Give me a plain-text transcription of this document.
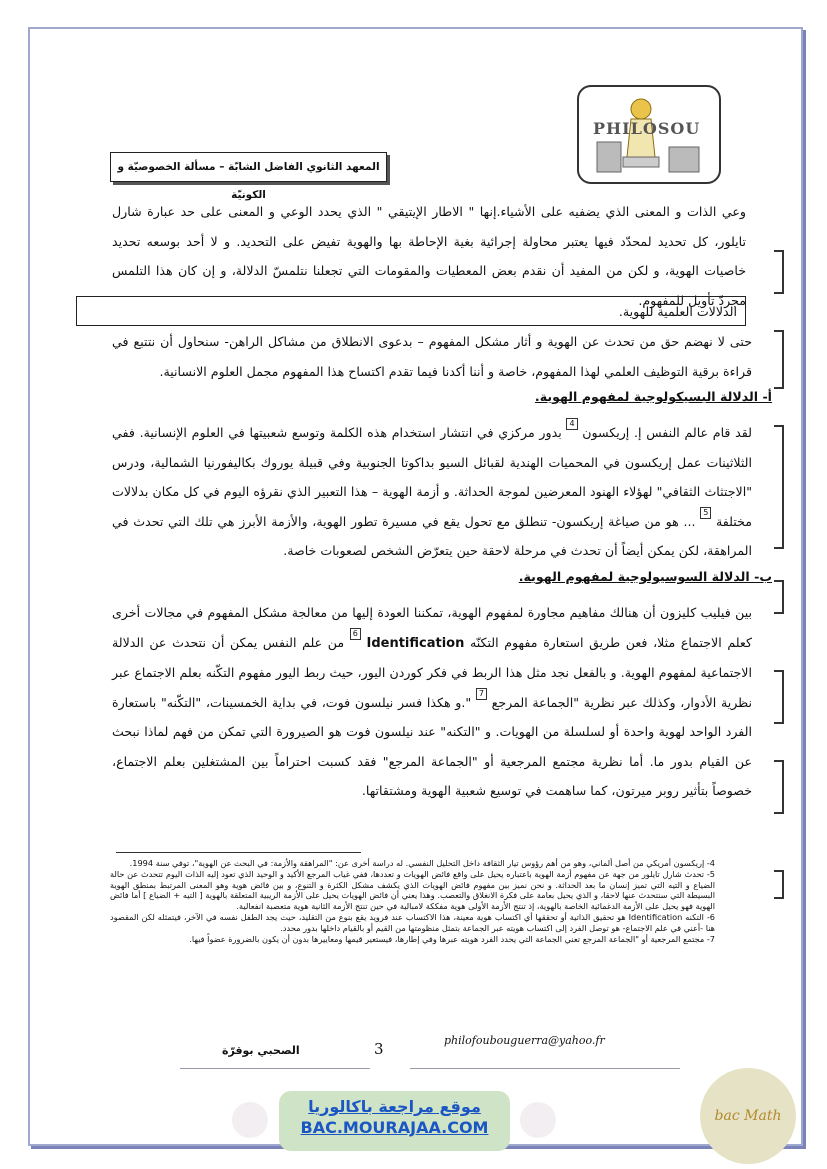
PHILOSOU
المعهد الثانوي الفاضل الشابّة – مسألة الخصوصيّة و الكونيّة

وعي الذات و المعنى الذي يضفيه على الأشياء.إنها " الاطار الإيتيقي " الذي يحدد الوعي و المعنى على حد عبارة شارل تايلور، كل تحديد لمحدّد فيها يعتبر محاولة إجرائية بغية الإحاطة بها والهوية تفيض على التحديد. و لا أحد بوسعه تحديد خاصيات الهوية، و لكن من المفيد أن نقدم بعض المعطيات والمقومات التي تجعلنا نتلمسّ الدلالة، و إن كان هذا التلمس مجردّ تأويل للمفهوم.

الدلالات العلمية للهوية.

حتى لا نهضم حق من تحدث عن الهوية و أثار مشكل المفهوم – بدعوى الانطلاق من مشاكل الراهن- سنحاول أن نتتبع في قراءة برقية التوظيف العلمي لهذا المفهوم، خاصة و أننا أكدنا فيما تقدم اكتساح هذا المفهوم مجمل العلوم الانسانية.

أ- الدلالة البسيكولوجية لمفهوم الهوية.

لقد قام عالم النفس إ. إريكسون 4 بدور مركزي في انتشار استخدام هذه الكلمة وتوسع شعبيتها في العلوم الإنسانية. ففي الثلاثينات عمل إريكسون في المحميات الهندية لقبائل السيو بداكوتا الجنوبية وفي قبيلة يوروك بكاليفورنيا الشمالية، ودرس "الاجتثاث الثقافي" لهؤلاء الهنود المعرضين لموجة الحداثة. و أزمة الهوية – هذا التعبير الذي نقرؤه اليوم في كل مكان بدلالات مختلفة 5 ... هو من صياغة إريكسون- تنطلق مع تحول يقع في مسيرة تطور الهوية، والأزمة الأبرز هي تلك التي تحدث في المراهقة، لكن يمكن أيضاً أن تحدث في مرحلة لاحقة حين يتعرّض الشخص لصعوبات خاصة.

ب- الدلالة السوسيولوجية لمفهوم الهوية.

بين فيليب كليزون أن هنالك مفاهيم مجاورة لمفهوم الهوية، تمكننا العودة إليها من معالجة مشكل المفهوم في مجالات أخرى كعلم الاجتماع مثلا، فعن طريق استعارة مفهوم التكنّه Identification 6 من علم النفس يمكن أن نتحدث عن الدلالة الاجتماعية لمفهوم الهوية. و بالفعل نجد مثل هذا الربط في فكر كوردن اليور، حيث ربط اليور مفهوم التكّنه بعلم الاجتماع عبر نظرية الأدوار، وكذلك عبر نظرية "الجماعة المرجع 7 ".و هكذا فسر نيلسون فوت، في بداية الخمسينات، "التكّنه" باستعارة الفرد الواحد لهوية واحدة أو لسلسلة من الهويات. و "التكنه" عند نيلسون فوت هو الصيرورة التي تمكن من فهم لماذا نبحث عن القيام بدور ما. أما نظرية مجتمع المرجعية أو "الجماعة المرجع" فقد كسبت احتراماً بين المشتغلين بعلم الاجتماع، خصوصاً بتأثير روبر ميرتون، كما ساهمت في توسيع شعبية الهوية ومشتقاتها.

4- إريكسون أمريكي من أصل ألماني، وهو من أهم رؤوس تيار الثقافة داخل التحليل النفسي. له دراسة أخرى عن: "المراهقة والأزمة: في البحث عن الهوية"، توفي سنة 1994.

5- تحدث شارل تايلور من جهة عن مفهوم أزمة الهوية باعتباره يحيل على واقع فائض الهويات و تعددها، ففي غياب المرجع الأكيد و الوحيد الذي تعود إليه الذات اليوم تتحدث عن حالة الضياع و التيه التي تميز إنسان ما بعد الحداثة. و نحن نميز بين مفهوم فائض الهويات الذي يكشف مشكل الكثرة و التنوع، و بين فائض هوية وهو المعنى المرتبط بمنطق الهوية البسيطة التي سنتحدث عنها لاحقا، و الذي يحيل بعامة على فكرة الانغلاق والتعصب. وهذا يعني أن فائض الهويات يحيل على الأزمة الريبية المتعلقة بالهوية [ التيه + الضياع ] أما فائض الهوية فهو يحيل على الأزمة الدغمائية الخاصة بالهوية، إذ تنتج الأزمة الأولى هوية مفككة لامبالية في حين تنتج الأزمة الثانية هوية متعصبة انفعالية.

6- التكنه Identification هو تحقيق الذاتية أو تحققها أي اكتساب هوية معينة، هذا الاكتساب عند فرويد يقع بنوع من التقليد، حيث يجد الطفل نفسه في الآخر، فيتمثله لكن المقصود هنا -أعني في علم الاجتماع- هو توصل الفرد إلى اكتساب هويته عبر الجماعة بتمثل منظومتها من القيم أو بالقيام داخلها بدور محدد.

7- مجتمع المرجعية أو "الجماعة المرجع تعني الجماعة التي يحدد الفرد هويته عبرها وفي إطارها، فيستعير قيمها ومعاييرها بدون أن يكون بالضرورة عضواً فيها.

الصحبي بوقرّة	3	philofoubouguerra@yahoo.fr
موقع مراجعة باكالوريا
BAC.MOURAJAA.COM
bac Math
